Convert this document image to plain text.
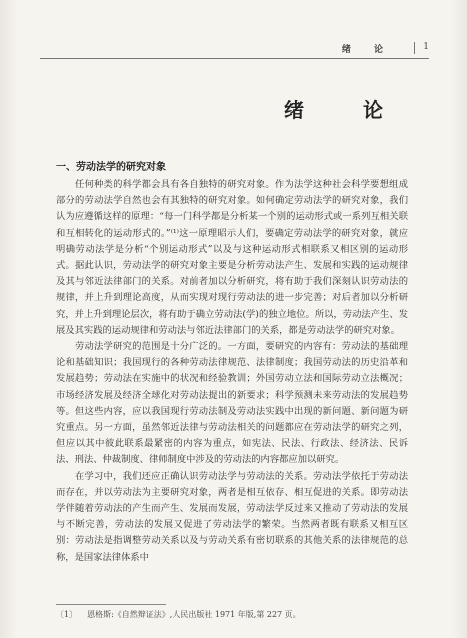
绪 论	1
绪 论
一、劳动法学的研究对象

任何种类的科学都会具有各自独特的研究对象。作为法学这种社会科学要想组成部分的劳动法学自然也会有其独特的研究对象。如何确定劳动法学的研究对象，我们认为应遵循这样的原理：“每一门科学都是分析某一个别的运动形式或一系列互相关联和互相转化的运动形式的。”⁽¹⁾这一原理昭示人们，要确定劳动法学的研究对象，就应明确劳动法学是分析“个别运动形式”以及与这种运动形式相联系又相区别的运动形式。据此认识，劳动法学的研究对象主要是分析劳动法产生、发展和实践的运动规律及其与邻近法律部门的关系。对前者加以分析研究，将有助于我们深刻认识劳动法的规律，并上升到理论高度，从而实现对现行劳动法的进一步完善；对后者加以分析研究，并上升到理论层次，将有助于确立劳动法(学)的独立地位。所以，劳动法产生、发展及其实践的运动规律和劳动法与邻近法律部门的关系，都是劳动法学的研究对象。

劳动法学研究的范围是十分广泛的。一方面，要研究的内容有：劳动法的基础理论和基础知识；我国现行的各种劳动法律规范、法律制度；我国劳动法的历史沿革和发展趋势；劳动法在实施中的状况和经验教训；外国劳动立法和国际劳动立法概况；市场经济发展及经济全球化对劳动法提出的新要求；科学预测未来劳动法的发展趋势等。但这些内容，应以我国现行劳动法制及劳动法实践中出现的新问题、新问题为研究重点。另一方面，虽然邻近法律与劳动法相关的问题都应在劳动法学的研究之列，但应以其中彼此联系最紧密的内容为重点，如宪法、民法、行政法、经济法、民诉法、刑法、仲裁制度、律师制度中涉及的劳动法的内容都应加以研究。

在学习中，我们还应正确认识劳动法学与劳动法的关系。劳动法学依托于劳动法而存在，并以劳动法为主要研究对象，两者是相互依存、相互促进的关系。即劳动法学伴随着劳动法的产生而产生、发展而发展，劳动法学反过来又推动了劳动法的发展与不断完善，劳动法的发展又促进了劳动法学的繁荣。当然两者既有联系又相互区别：劳动法是指调整劳动关系以及与劳动关系有密切联系的其他关系的法律规范的总称，是国家法律体系中

〔1〕 恩格斯:《自然辩证法》,人民出版社 1971 年版,第 227 页。
